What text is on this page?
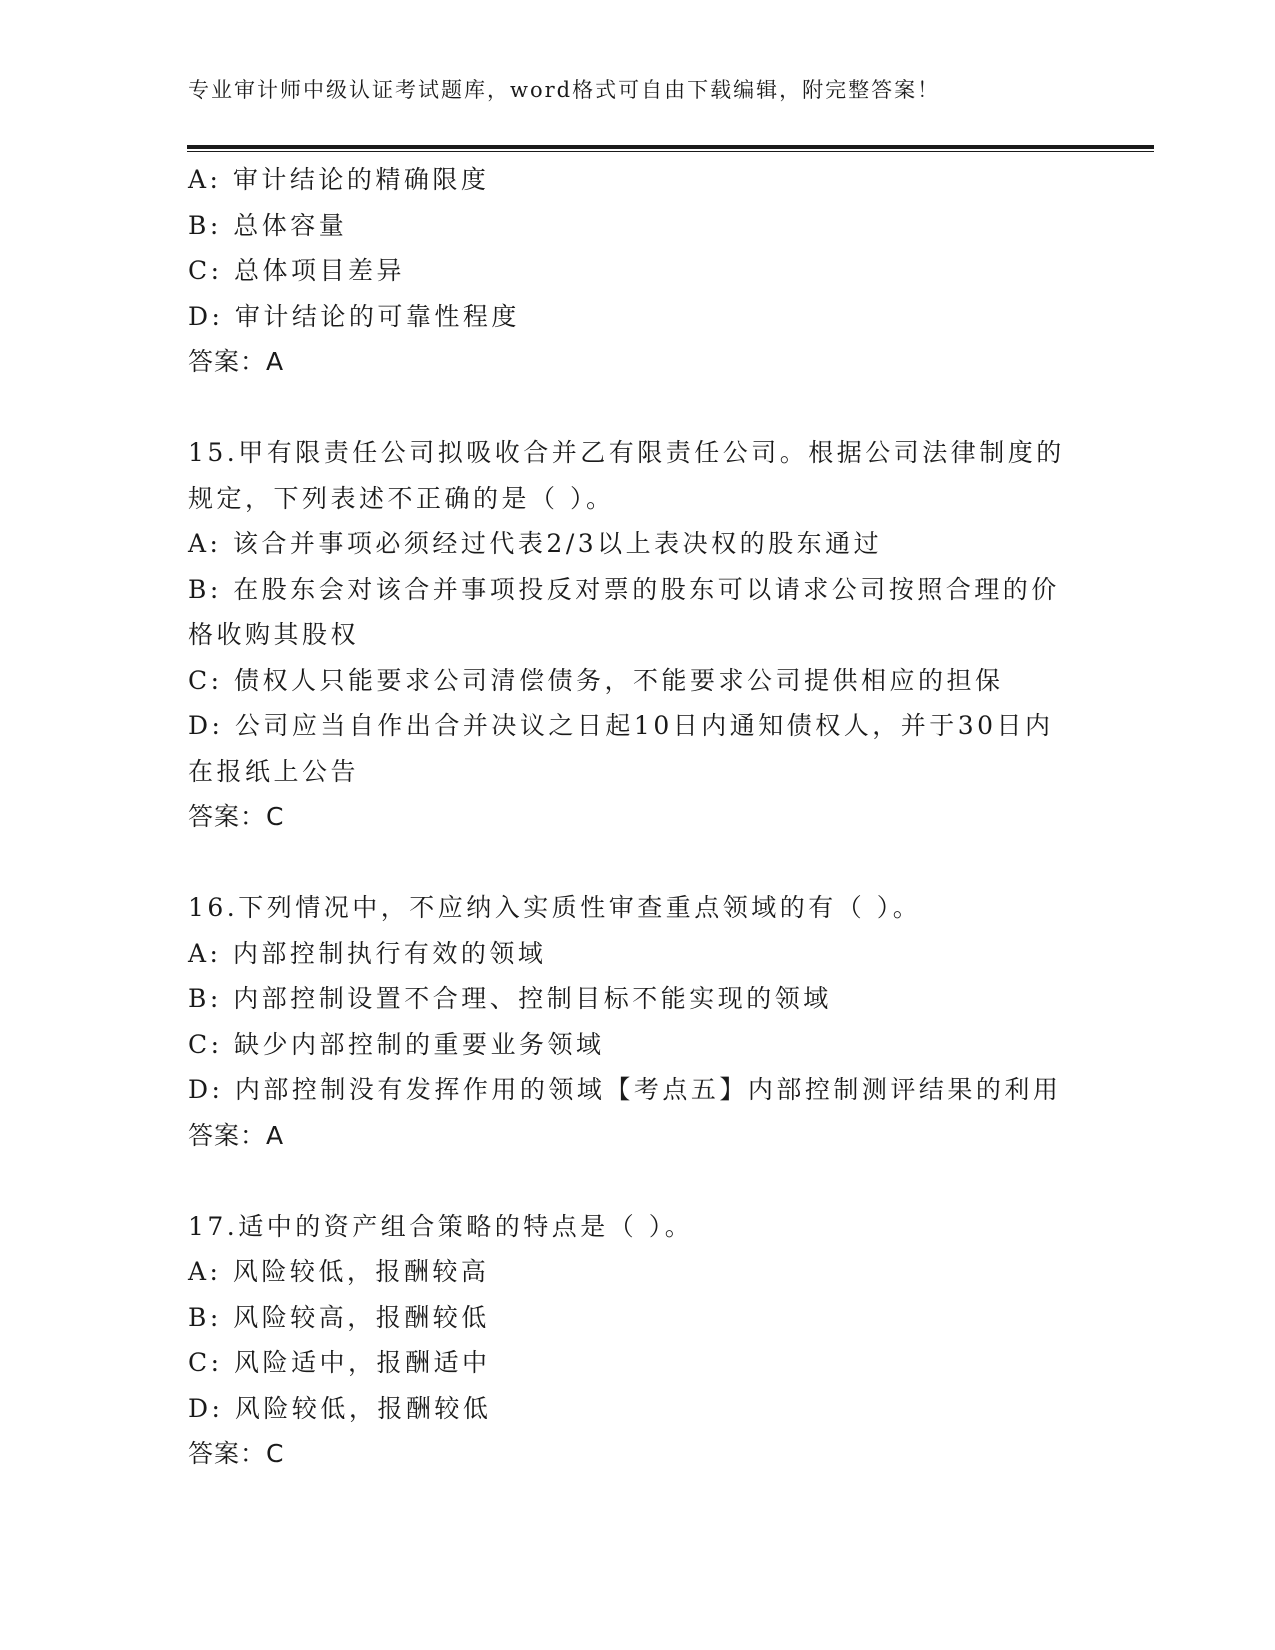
专业审计师中级认证考试题库，word格式可自由下载编辑，附完整答案！
A: 审计结论的精确限度
B: 总体容量
C: 总体项目差异
D: 审计结论的可靠性程度
答案：A
15.甲有限责任公司拟吸收合并乙有限责任公司。根据公司法律制度的
规定，下列表述不正确的是（ ）。
A: 该合并事项必须经过代表2/3以上表决权的股东通过
B: 在股东会对该合并事项投反对票的股东可以请求公司按照合理的价
格收购其股权
C: 债权人只能要求公司清偿债务，不能要求公司提供相应的担保
D: 公司应当自作出合并决议之日起10日内通知债权人，并于30日内
在报纸上公告
答案：C
16.下列情况中，不应纳入实质性审查重点领域的有（ ）。
A: 内部控制执行有效的领域
B: 内部控制设置不合理、控制目标不能实现的领域
C: 缺少内部控制的重要业务领域
D: 内部控制没有发挥作用的领域【考点五】内部控制测评结果的利用
答案：A
17.适中的资产组合策略的特点是（ ）。
A: 风险较低，报酬较高
B: 风险较高，报酬较低
C: 风险适中，报酬适中
D: 风险较低，报酬较低
答案：C
